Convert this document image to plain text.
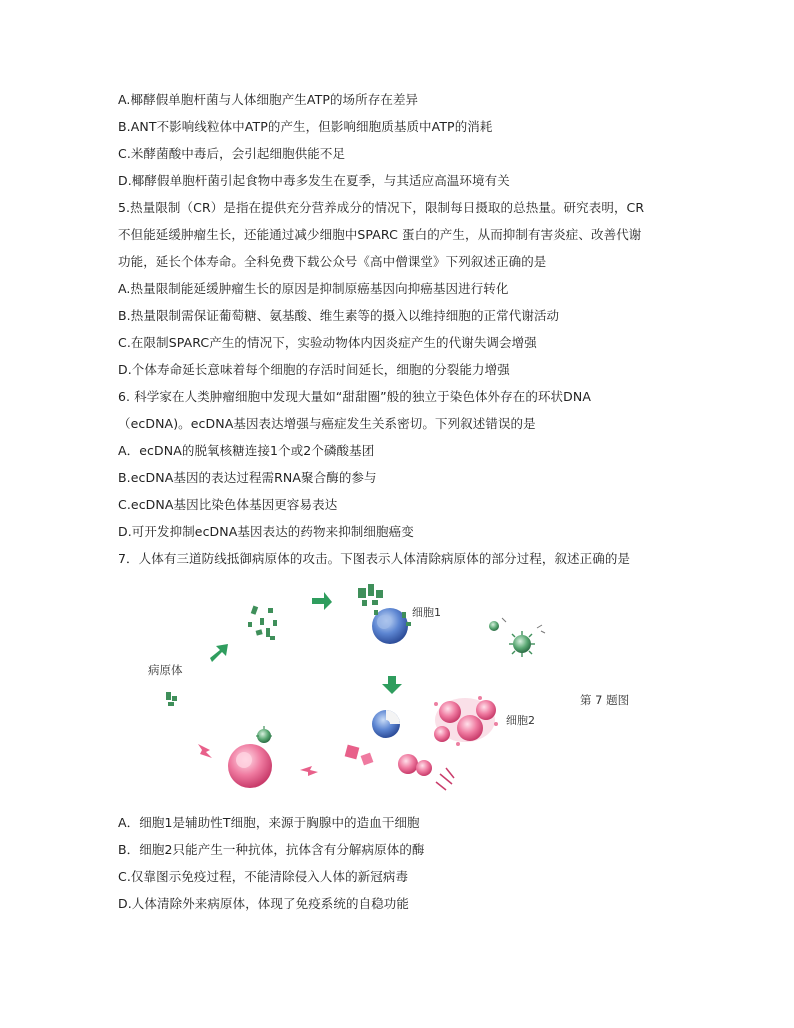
A.椰酵假单胞杆菌与人体细胞产生ATP的场所存在差异
B.ANT不影响线粒体中ATP的产生，但影响细胞质基质中ATP的消耗
C.米酵菌酸中毒后，会引起细胞供能不足
D.椰酵假单胞杆菌引起食物中毒多发生在夏季，与其适应高温环境有关
5.热量限制（CR）是指在提供充分营养成分的情况下，限制每日摄取的总热量。研究表明，CR
不但能延缓肿瘤生长，还能通过减少细胞中SPARC 蛋白的产生，从而抑制有害炎症、改善代谢
功能，延长个体寿命。全科免费下载公众号《高中僧课堂》下列叙述正确的是
A.热量限制能延缓肿瘤生长的原因是抑制原癌基因向抑癌基因进行转化
B.热量限制需保证葡萄糖、氨基酸、维生素等的摄入以维持细胞的正常代谢活动
C.在限制SPARC产生的情况下，实验动物体内因炎症产生的代谢失调会增强
D.个体寿命延长意味着每个细胞的存活时间延长，细胞的分裂能力增强
6. 科学家在人类肿瘤细胞中发现大量如“甜甜圈”般的独立于染色体外存在的环状DNA
（ecDNA)。ecDNA基因表达增强与癌症发生关系密切。下列叙述错误的是
A．ecDNA的脱氧核糖连接1个或2个磷酸基团
B.ecDNA基因的表达过程需RNA聚合酶的参与
C.ecDNA基因比染色体基因更容易表达
D.可开发抑制ecDNA基因表达的药物来抑制细胞癌变
7．人体有三道防线抵御病原体的攻击。下图表示人体清除病原体的部分过程，叙述正确的是
细胞1
病原体
细胞2
第 7 题图
A．细胞1是辅助性T细胞，来源于胸腺中的造血干细胞
B．细胞2只能产生一种抗体，抗体含有分解病原体的酶
C.仅靠图示免疫过程，不能清除侵入人体的新冠病毒
D.人体清除外来病原体，体现了免疫系统的自稳功能
